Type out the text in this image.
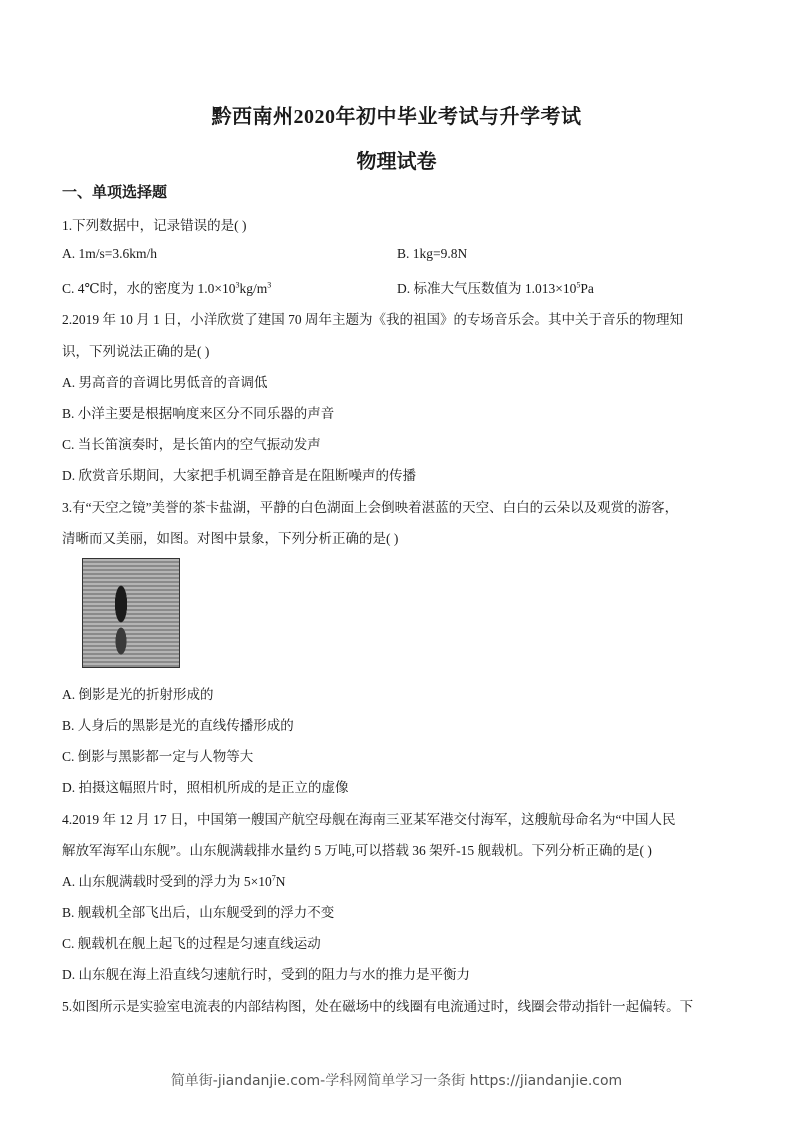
黔西南州2020年初中毕业考试与升学考试
物理试卷
一、单项选择题
1.下列数据中，记录错误的是( )
A. 1m/s=3.6km/h	B. 1kg=9.8N
C. 4℃时，水的密度为 $1.0\times 10^3kg/m^3$	D. 标准大气压数值为 $1.013\times 10^5Pa$
2.2019 年 10 月 1 日，小洋欣赏了建国 70 周年主题为《我的祖国》的专场音乐会。其中关于音乐的物理知
识，下列说法正确的是( )
A. 男高音的音调比男低音的音调低
B. 小洋主要是根据响度来区分不同乐器的声音
C. 当长笛演奏时，是长笛内的空气振动发声
D. 欣赏音乐期间，大家把手机调至静音是在阻断噪声的传播
3.有“天空之镜”美誉的茶卡盐湖，平静的白色湖面上会倒映着湛蓝的天空、白白的云朵以及观赏的游客，
清晰而又美丽，如图。对图中景象，下列分析正确的是( )
A. 倒影是光的折射形成的
B. 人身后的黑影是光的直线传播形成的
C. 倒影与黑影都一定与人物等大
D. 拍摄这幅照片时，照相机所成的是正立的虚像
4.2019 年 12 月 17 日，中国第一艘国产航空母舰在海南三亚某军港交付海军，这艘航母命名为“中国人民
解放军海军山东舰”。山东舰满载排水量约 5 万吨,可以搭载 36 架歼-15 舰载机。下列分析正确的是( )
A. 山东舰满载时受到的浮力为 $5\times 10^7N$
B. 舰载机全部飞出后，山东舰受到的浮力不变
C. 舰载机在舰上起飞的过程是匀速直线运动
D. 山东舰在海上沿直线匀速航行时，受到的阻力与水的推力是平衡力
5.如图所示是实验室电流表的内部结构图，处在磁场中的线圈有电流通过时，线圈会带动指针一起偏转。下
简单街-jiandanjie.com-学科网简单学习一条街 https://jiandanjie.com
